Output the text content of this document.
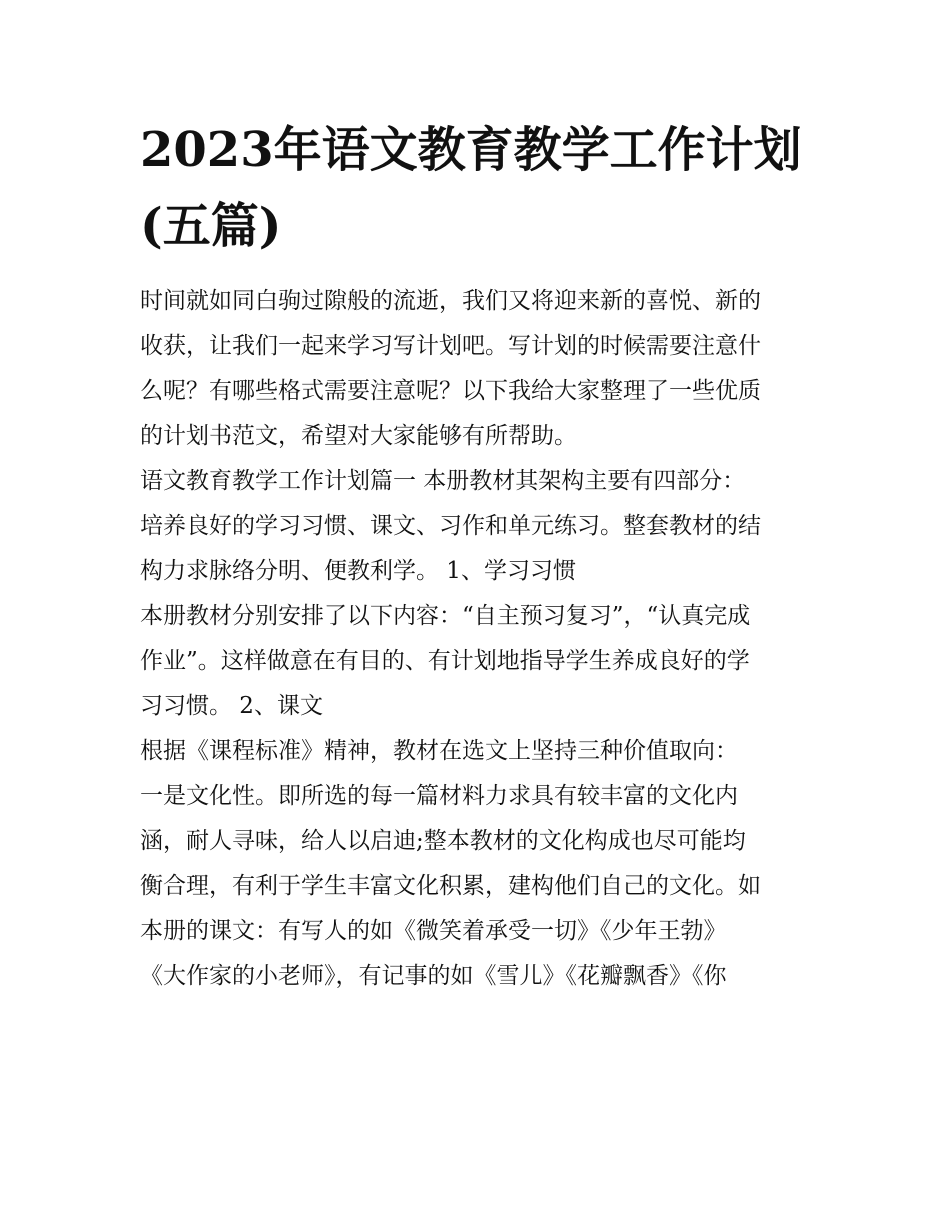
2023年语文教育教学工作计划
(五篇)
时间就如同白驹过隙般的流逝，我们又将迎来新的喜悦、新的
收获，让我们一起来学习写计划吧。写计划的时候需要注意什
么呢？有哪些格式需要注意呢？以下我给大家整理了一些优质
的计划书范文，希望对大家能够有所帮助。
语文教育教学工作计划篇一 本册教材其架构主要有四部分：
培养良好的学习习惯、课文、习作和单元练习。整套教材的结
构力求脉络分明、便教利学。 1、学习习惯
本册教材分别安排了以下内容：“自主预习复习”，“认真完成
作业”。这样做意在有目的、有计划地指导学生养成良好的学
习习惯。 2、课文
根据《课程标准》精神，教材在选文上坚持三种价值取向：
一是文化性。即所选的每一篇材料力求具有较丰富的文化内
涵，耐人寻味，给人以启迪;整本教材的文化构成也尽可能均
衡合理，有利于学生丰富文化积累，建构他们自己的文化。如
本册的课文：有写人的如《微笑着承受一切》《少年王勃》
《大作家的小老师》，有记事的如《雪儿》《花瓣飘香》《你
